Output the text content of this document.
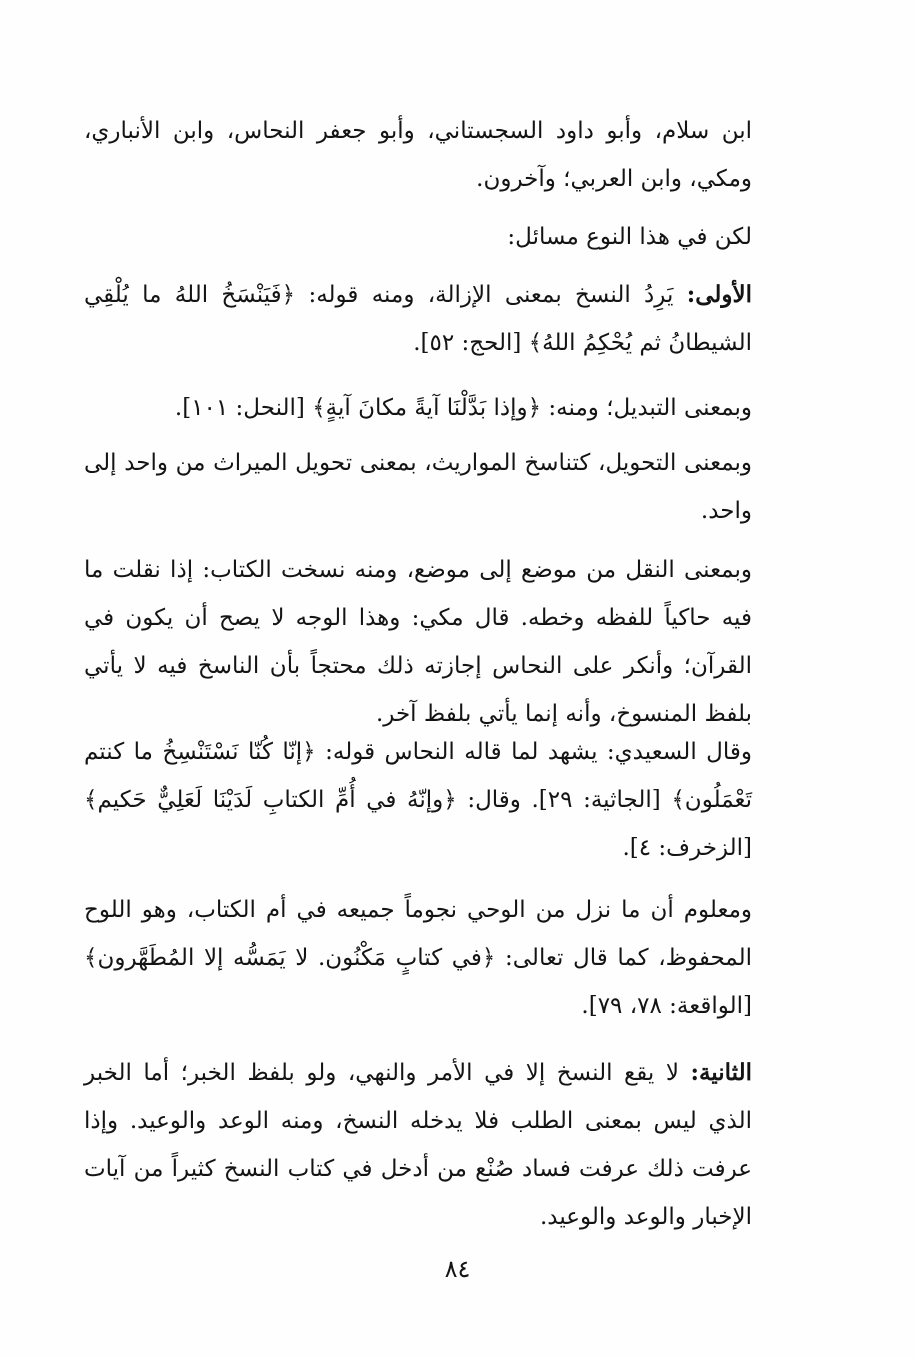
ابن سلام، وأبو داود السجستاني، وأبو جعفر النحاس، وابن الأنباري، ومكي، وابن العربي؛ وآخرون.

لكن في هذا النوع مسائل:

الأولى: يَرِدُ النسخ بمعنى الإزالة، ومنه قوله: ﴿فَيَنْسَخُ اللهُ ما يُلْقِي الشيطانُ ثم يُحْكِمُ اللهُ﴾ [الحج: ٥٢].

وبمعنى التبديل؛ ومنه: ﴿وإذا بَدَّلْنَا آيةً مكانَ آيةٍ﴾ [النحل: ١٠١].

وبمعنى التحويل، كتناسخ المواريث، بمعنى تحويل الميراث من واحد إلى واحد.

وبمعنى النقل من موضع إلى موضع، ومنه نسخت الكتاب: إذا نقلت ما فيه حاكياً للفظه وخطه. قال مكي: وهذا الوجه لا يصح أن يكون في القرآن؛ وأنكر على النحاس إجازته ذلك محتجاً بأن الناسخ فيه لا يأتي بلفظ المنسوخ، وأنه إنما يأتي بلفظ آخر.

وقال السعيدي: يشهد لما قاله النحاس قوله: ﴿إنّا كُنّا نَسْتَنْسِخُ ما كنتم تَعْمَلُون﴾ [الجاثية: ٢٩]. وقال: ﴿وإنّهُ في أُمِّ الكتابِ لَدَيْنَا لَعَلِيٌّ حَكيم﴾ [الزخرف: ٤].

ومعلوم أن ما نزل من الوحي نجوماً جميعه في أم الكتاب، وهو اللوح المحفوظ، كما قال تعالى: ﴿في كتابٍ مَكْنُون. لا يَمَسُّه إلا المُطَهَّرون﴾ [الواقعة: ٧٨، ٧٩].

الثانية: لا يقع النسخ إلا في الأمر والنهي، ولو بلفظ الخبر؛ أما الخبر الذي ليس بمعنى الطلب فلا يدخله النسخ، ومنه الوعد والوعيد. وإذا عرفت ذلك عرفت فساد صُنْع من أدخل في كتاب النسخ كثيراً من آيات الإخبار والوعد والوعيد.

٨٤
